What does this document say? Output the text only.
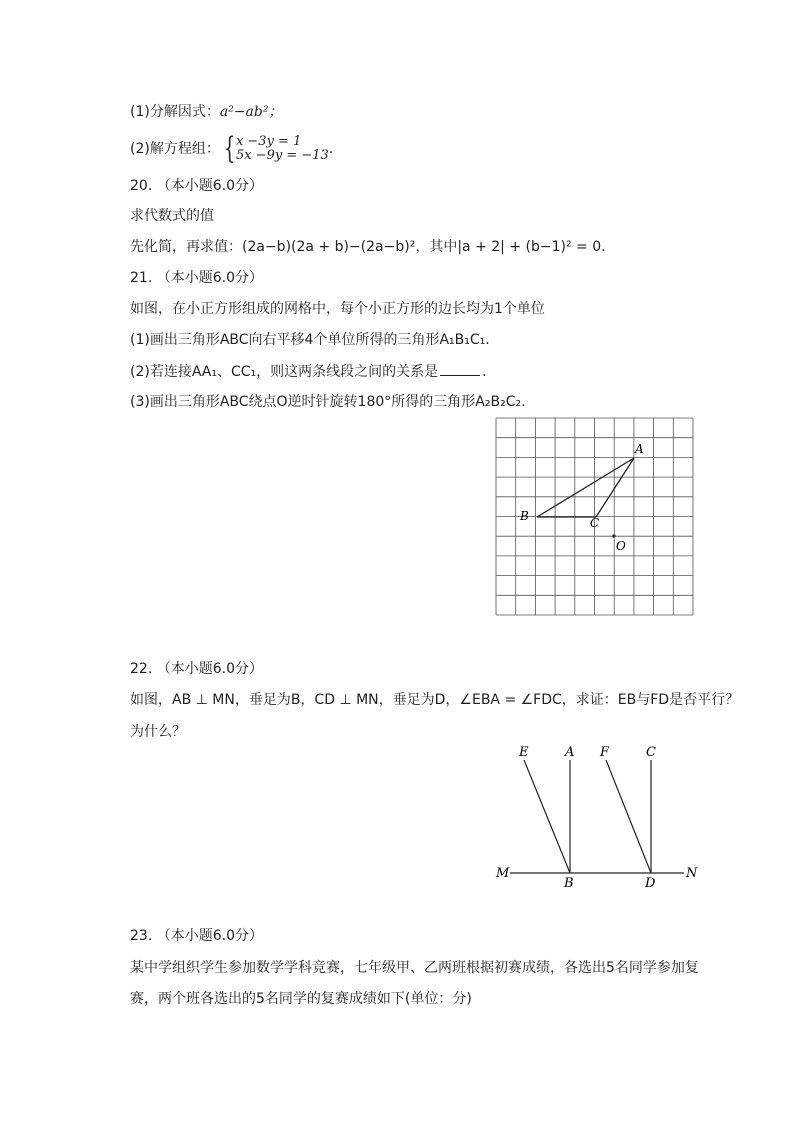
(1)分解因式：a²−ab²；
(2)解方程组： { x −3y = 1
5x −9y = −13 .
20. （本小题6.0分）
求代数式的值
先化简，再求值：(2a−b)(2a + b)−(2a−b)²，其中|a + 2| + (b−1)² = 0．
21. （本小题6.0分）
如图，在小正方形组成的网格中，每个小正方形的边长均为1个单位
(1)画出三角形ABC向右平移4个单位所得的三角形A₁B₁C₁.
(2)若连接AA₁、CC₁，则这两条线段之间的关系是	.
(3)画出三角形ABC绕点O逆时针旋转180°所得的三角形A₂B₂C₂.
A
B	C
O
22. （本小题6.0分）
如图，AB ⊥ MN，垂足为B，CD ⊥ MN，垂足为D，∠EBA = ∠FDC，求证：EB与FD是否平行？
为什么？
E	A F	C
M	N
B	D
23. （本小题6.0分）
某中学组织学生参加数学学科竞赛，七年级甲、乙两班根据初赛成绩，各选出5名同学参加复
赛，两个班各选出的5名同学的复赛成绩如下(单位：分)
